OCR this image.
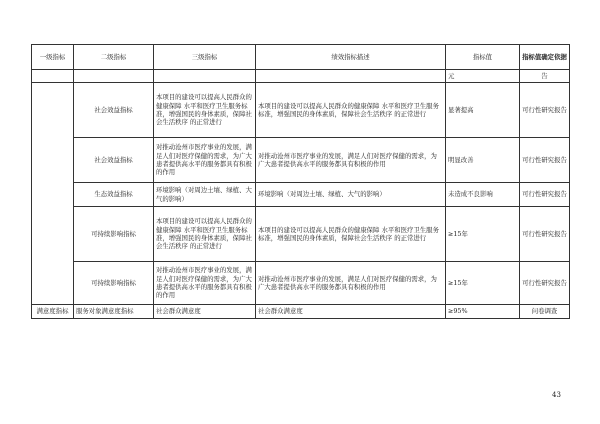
一级指标	二级指标	三级指标	绩效指标描述	指标值	指标值确定依据
				元	告
	社会效益指标	本项目的建设可以提高人民群众的健康保障 水平和医疗卫生服务标准，增强国民的身体素质，保障社会生活秩序 的正常进行	本项目的建设可以提高人民群众的健康保障 水平和医疗卫生服务标准，增强国民的身体素质，保障社会生活秩序 的正常进行	显著提高	可行性研究报告
	社会效益指标	对推动沧州市医疗事业的发展，满足人们对医疗保健的需求，为广大患者提供高水平的服务都具有积极的作用	对推动沧州市医疗事业的发展，满足人们对医疗保健的需求，为广大患者提供高水平的服务都具有积极的作用	明显改善	可行性研究报告
	生态效益指标	环境影响（对周边土壤、绿植、大气的影响）	环境影响（对周边土壤、绿植、大气的影响）	未造成不良影响	可行性研究报告
	可持续影响指标	本项目的建设可以提高人民群众的健康保障 水平和医疗卫生服务标准，增强国民的身体素质，保障社会生活秩序 的正常进行	本项目的建设可以提高人民群众的健康保障 水平和医疗卫生服务标准，增强国民的身体素质，保障社会生活秩序 的正常进行	≥15年	可行性研究报告
	可持续影响指标	对推动沧州市医疗事业的发展，满足人们对医疗保健的需求，为广大患者提供高水平的服务都具有积极的作用	对推动沧州市医疗事业的发展，满足人们对医疗保健的需求，为广大患者提供高水平的服务都具有积极的作用	≥15年	可行性研究报告
满意度指标	服务对象满意度指标	社会群众满意度	社会群众满意度	≥95%	问卷调查
43
